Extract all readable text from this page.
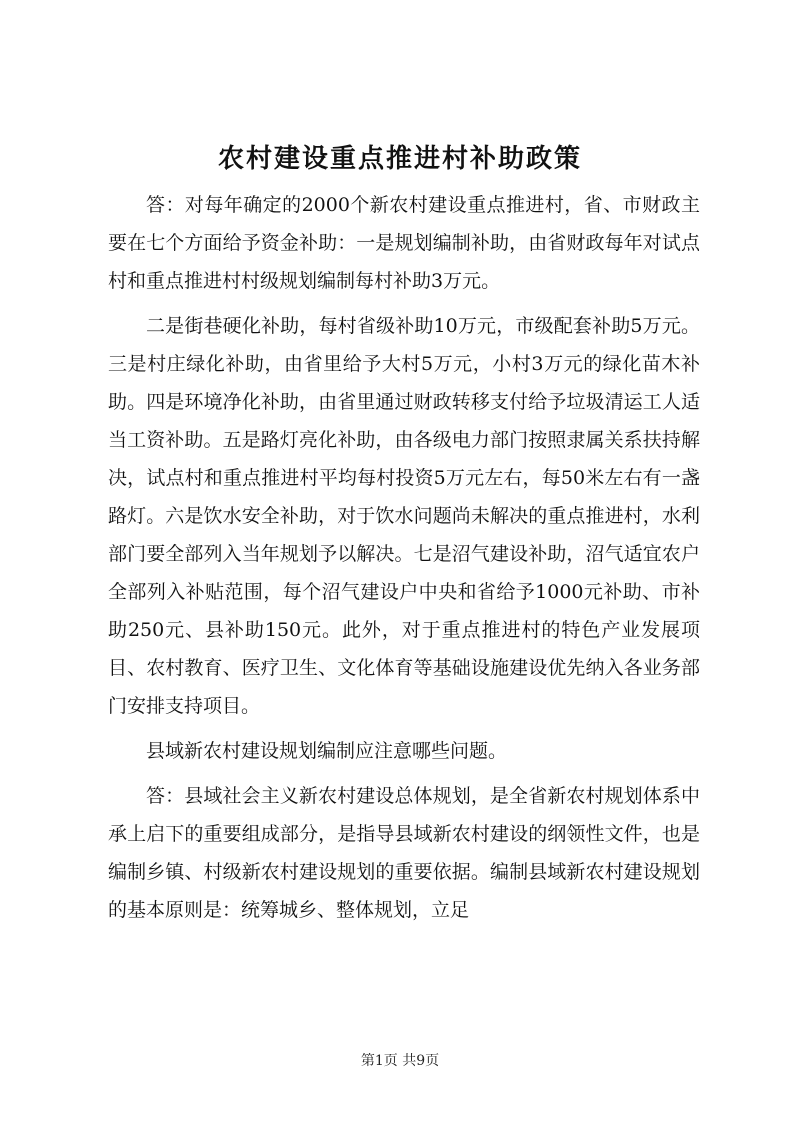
农村建设重点推进村补助政策

答：对每年确定的2000个新农村建设重点推进村，省、市财政主要在七个方面给予资金补助：一是规划编制补助，由省财政每年对试点村和重点推进村村级规划编制每村补助3万元。

二是街巷硬化补助，每村省级补助10万元，市级配套补助5万元。三是村庄绿化补助，由省里给予大村5万元，小村3万元的绿化苗木补助。四是环境净化补助，由省里通过财政转移支付给予垃圾清运工人适当工资补助。五是路灯亮化补助，由各级电力部门按照隶属关系扶持解决，试点村和重点推进村平均每村投资5万元左右，每50米左右有一盏路灯。六是饮水安全补助，对于饮水问题尚未解决的重点推进村，水利部门要全部列入当年规划予以解决。七是沼气建设补助，沼气适宜农户全部列入补贴范围，每个沼气建设户中央和省给予1000元补助、市补助250元、县补助150元。此外，对于重点推进村的特色产业发展项目、农村教育、医疗卫生、文化体育等基础设施建设优先纳入各业务部门安排支持项目。

县域新农村建设规划编制应注意哪些问题。

答：县域社会主义新农村建设总体规划，是全省新农村规划体系中承上启下的重要组成部分，是指导县域新农村建设的纲领性文件，也是编制乡镇、村级新农村建设规划的重要依据。编制县域新农村建设规划的基本原则是：统筹城乡、整体规划，立足

第1页 共9页
